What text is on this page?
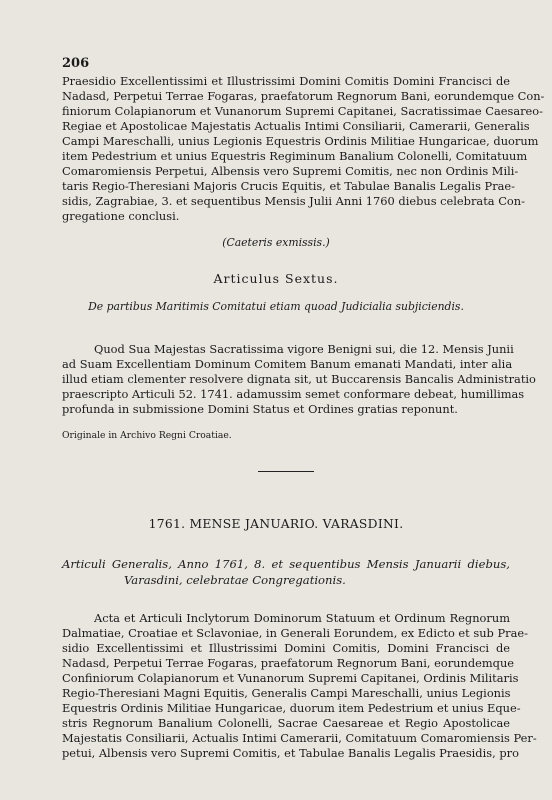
206
Praesidio Excellentissimi et Illustrissimi Domini Comitis Domini Francisci de
Nadasd, Perpetui Terrae Fogaras, praefatorum Regnorum Bani, eorundemque Con-
finiorum Colapianorum et Vunanorum Supremi Capitanei, Sacratissimae Caesareo-
Regiae et Apostolicae Majestatis Actualis Intimi Consiliarii, Camerarii, Generalis
Campi Mareschalli, unius Legionis Equestris Ordinis Militiae Hungaricae, duorum
item Pedestrium et unius Equestris Regiminum Banalium Colonelli, Comitatuum
Comaromiensis Perpetui, Albensis vero Supremi Comitis, nec non Ordinis Mili-
taris Regio-Theresiani Majoris Crucis Equitis, et Tabulae Banalis Legalis Prae-
sidis, Zagrabiae, 3. et sequentibus Mensis Julii Anni 1760 diebus celebrata Con-
gregatione conclusi.
(Caeteris exmissis.)
Articulus Sextus.
De partibus Maritimis Comitatui etiam quoad Judicialia subjiciendis.
Quod Sua Majestas Sacratissima vigore Benigni sui, die 12. Mensis Junii
ad Suam Excellentiam Dominum Comitem Banum emanati Mandati, inter alia
illud etiam clementer resolvere dignata sit, ut Buccarensis Bancalis Administratio
praescripto Articuli 52. 1741. adamussim semet conformare debeat, humillimas
profunda in submissione Domini Status et Ordines gratias reponunt.
Originale in Archivo Regni Croatiae.
1761. MENSE JANUARIO. VARASDINI.
Articuli Generalis, Anno 1761, 8. et sequentibus Mensis Januarii diebus,
Varasdini, celebratae Congregationis.
Acta et Articuli Inclytorum Dominorum Statuum et Ordinum Regnorum
Dalmatiae, Croatiae et Sclavoniae, in Generali Eorundem, ex Edicto et sub Prae-
sidio Excellentissimi et Illustrissimi Domini Comitis, Domini Francisci de
Nadasd, Perpetui Terrae Fogaras, praefatorum Regnorum Bani, eorundemque
Confiniorum Colapianorum et Vunanorum Supremi Capitanei, Ordinis Militaris
Regio-Theresiani Magni Equitis, Generalis Campi Mareschalli, unius Legionis
Equestris Ordinis Militiae Hungaricae, duorum item Pedestrium et unius Eque-
stris Regnorum Banalium Colonelli, Sacrae Caesareae et Regio Apostolicae
Majestatis Consiliarii, Actualis Intimi Camerarii, Comitatuum Comaromiensis Per-
petui, Albensis vero Supremi Comitis, et Tabulae Banalis Legalis Praesidis, pro
